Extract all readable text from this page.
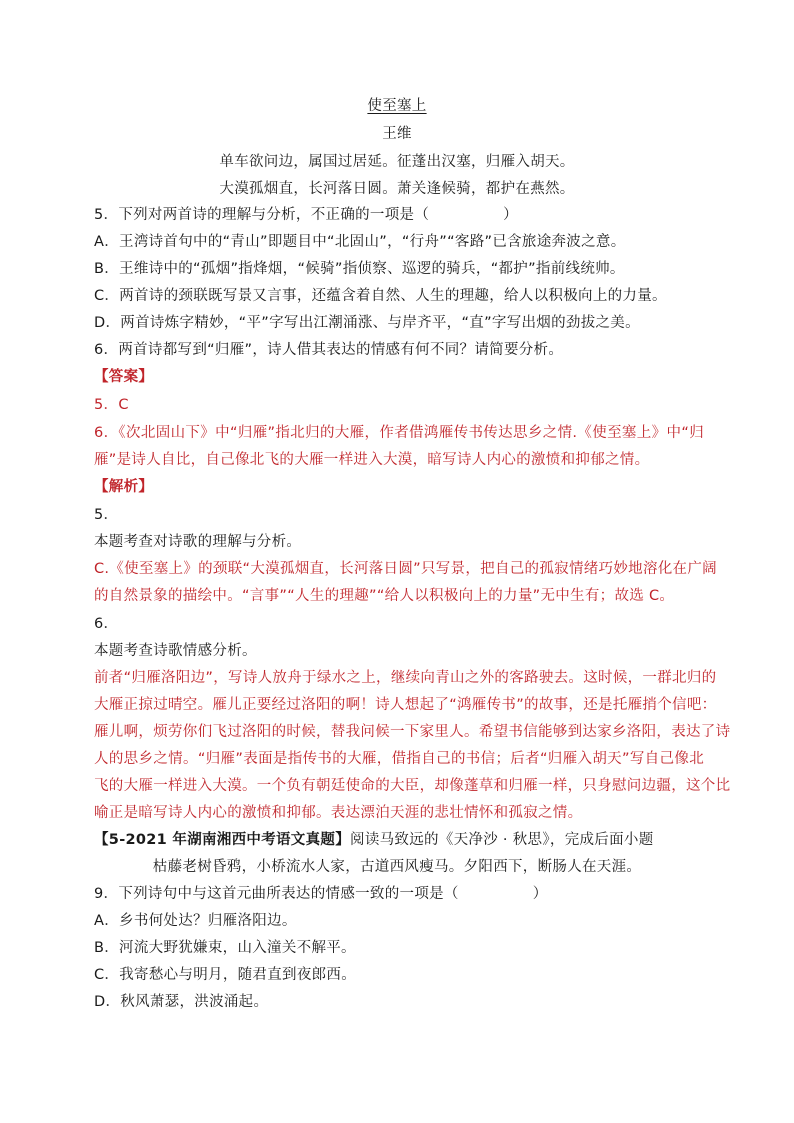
使至塞上
王维
单车欲问边，属国过居延。征蓬出汉塞，归雁入胡天。
大漠孤烟直，长河落日圆。萧关逢候骑，都护在燕然。
5．下列对两首诗的理解与分析，不正确的一项是（　　　　　）
A．王湾诗首句中的“青山”即题目中“北固山”，“行舟”“客路”已含旅途奔波之意。
B．王维诗中的“孤烟”指烽烟，“候骑”指侦察、巡逻的骑兵，“都护”指前线统帅。
C．两首诗的颈联既写景又言事，还蕴含着自然、人生的理趣，给人以积极向上的力量。
D．两首诗炼字精妙，“平”字写出江潮涌涨、与岸齐平，“直”字写出烟的劲拔之美。
6．两首诗都写到“归雁”，诗人借其表达的情感有何不同？请简要分析。
【答案】
5．C
6．《次北固山下》中“归雁”指北归的大雁，作者借鸿雁传书传达思乡之情.《使至塞上》中“归
雁”是诗人自比，自己像北飞的大雁一样进入大漠，暗写诗人内心的激愤和抑郁之情。
【解析】
5．
本题考查对诗歌的理解与分析。
C.《使至塞上》的颈联“大漠孤烟直，长河落日圆”只写景，把自己的孤寂情绪巧妙地溶化在广阔
的自然景象的描绘中。“言事”“人生的理趣”“给人以积极向上的力量”无中生有；故选 C。
6．
本题考查诗歌情感分析。
前者“归雁洛阳边”，写诗人放舟于绿水之上，继续向青山之外的客路驶去。这时候，一群北归的
大雁正掠过晴空。雁儿正要经过洛阳的啊！诗人想起了“鸿雁传书”的故事，还是托雁捎个信吧：
雁儿啊，烦劳你们飞过洛阳的时候，替我问候一下家里人。希望书信能够到达家乡洛阳，表达了诗
人的思乡之情。“归雁”表面是指传书的大雁，借指自己的书信；后者“归雁入胡天”写自己像北
飞的大雁一样进入大漠。一个负有朝廷使命的大臣，却像蓬草和归雁一样，只身慰问边疆，这个比
喻正是暗写诗人内心的激愤和抑郁。表达漂泊天涯的悲壮情怀和孤寂之情。
【5-2021 年湖南湘西中考语文真题】阅读马致远的《天净沙 · 秋思》，完成后面小题
枯藤老树昏鸦，小桥流水人家，古道西风瘦马。夕阳西下，断肠人在天涯。
9．下列诗句中与这首元曲所表达的情感一致的一项是（　　　　　）
A．乡书何处达？归雁洛阳边。
B．河流大野犹嫌束，山入潼关不解平。
C．我寄愁心与明月，随君直到夜郎西。
D．秋风萧瑟，洪波涌起。
